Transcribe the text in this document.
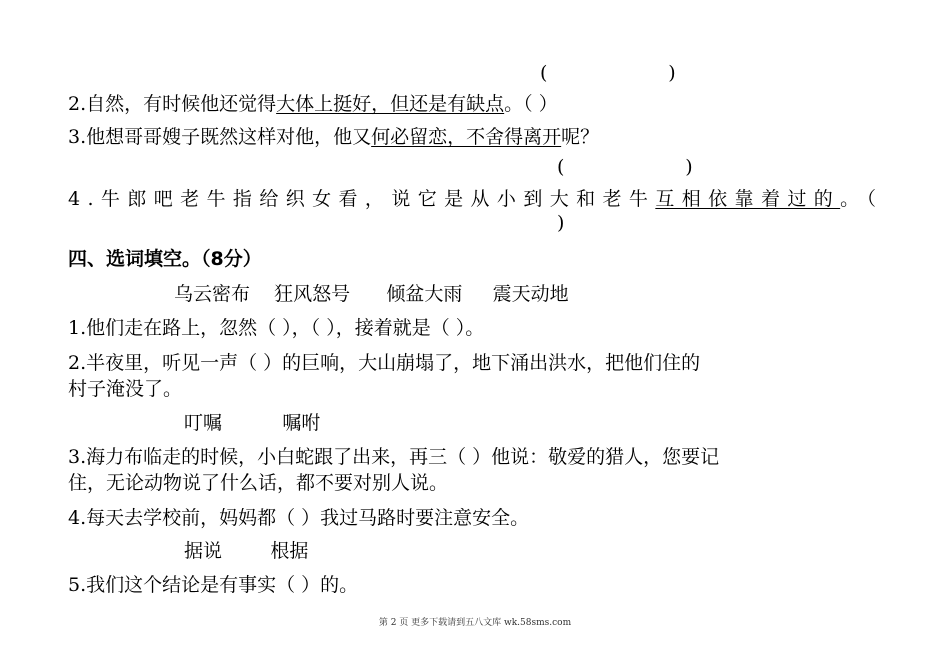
(                    )
2.自然，有时候他还觉得大体上挺好，但还是有缺点。（ ）
3.他想哥哥嫂子既然这样对他，他又何必留恋，不舍得离开呢？
(                    )
4.牛郎吧老牛指给织女看，说它是从小到大和老牛互相依靠着过的。（
)
四、选词填空。（8分）
乌云密布    狂风怒号      倾盆大雨     震天动地
1.他们走在路上，忽然（ ），（ ），接着就是（ ）。
2.半夜里，听见一声（ ）的巨响，大山崩塌了，地下涌出洪水，把他们住的
村子淹没了。
叮嘱          嘱咐
3.海力布临走的时候，小白蛇跟了出来，再三（ ）他说：敬爱的猎人，您要记
住，无论动物说了什么话，都不要对别人说。
4.每天去学校前，妈妈都（ ）我过马路时要注意安全。
据说        根据
5.我们这个结论是有事实（ ）的。
第 2 页 更多下载请到五八文库 wk.58sms.com
